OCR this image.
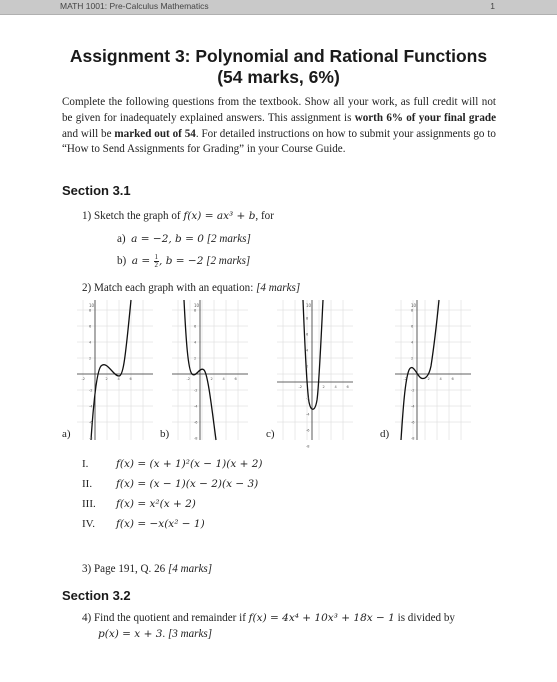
MATH 1001: Pre-Calculus Mathematics	1
Assignment 3: Polynomial and Rational Functions
(54 marks, 6%)
Complete the following questions from the textbook. Show all your work, as full credit will not be given for inadequately explained answers. This assignment is worth 6% of your final grade and will be marked out of 54. For detailed instructions on how to submit your assignments go to “How to Send Assignments for Grading” in your Course Guide.
Section 3.1
1) Sketch the graph of f(x) = ax³ + b, for
a) a = −2, b = 0 [2 marks]
b) $a = \frac{1}{2}$ , b = −2 [2 marks]
2) Match each graph with an equation: [4 marks]
10
8
6
4
2
-2
-4
-6
-8
-2	2	4	6
a)
10
8
6
4
2
-2
-4
-6
-8
-2	2	4	6
b)
10
8
6
4
2
-2
-4
-6
-8
-2	2	4	6
c)
10
8
6
4
2
-2
-4
-6
-8
-2	2	4	6
d)
I.	f(x) = (x + 1)²(x − 1)(x + 2)
II. f(x) = (x − 1)(x − 2)(x − 3)
III. f(x) = x²(x + 2)
IV. f(x) = −x(x² − 1)
3) Page 191, Q. 26 [4 marks]
Section 3.2
4) Find the quotient and remainder if f(x) = 4x⁴ + 10x³ + 18x − 1 is divided by
p(x) = x + 3. [3 marks]
